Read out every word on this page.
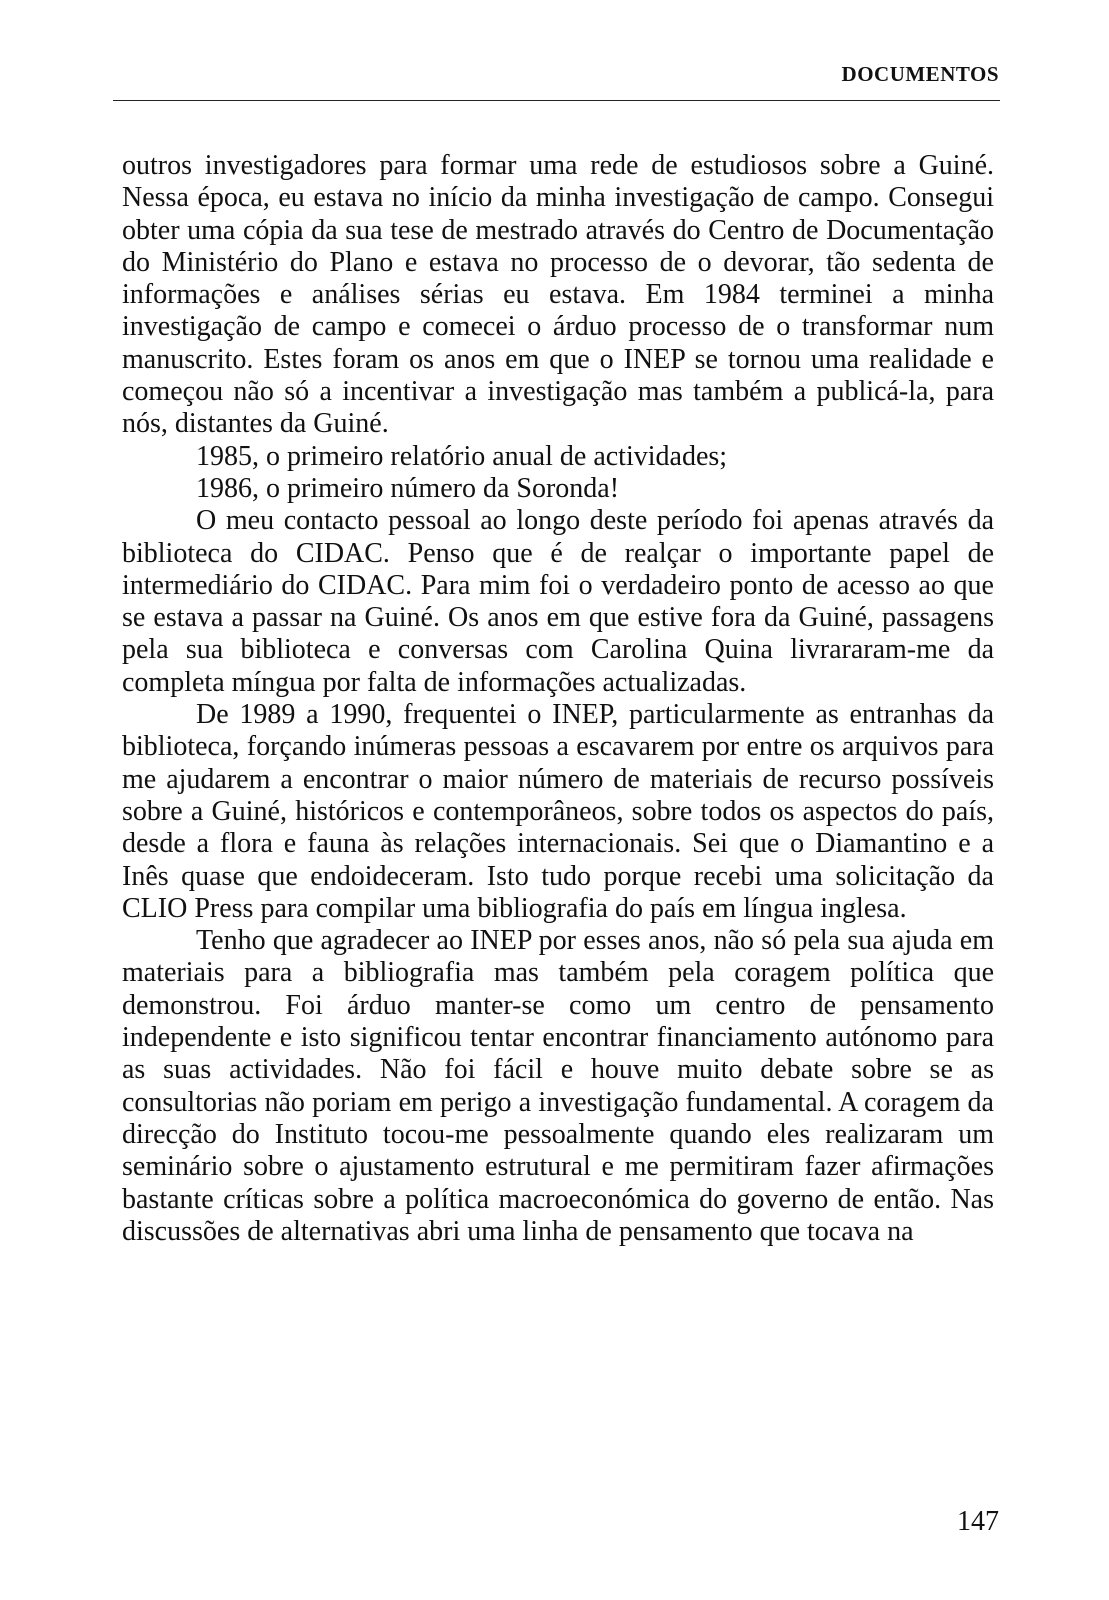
DOCUMENTOS

outros investigadores para formar uma rede de estudiosos sobre a Guiné. Nessa época, eu estava no início da minha investigação de campo. Consegui obter uma cópia da sua tese de mestrado através do Centro de Documentação do Ministério do Plano e estava no processo de o devorar, tão sedenta de informações e análises sérias eu estava. Em 1984 terminei a minha investigação de campo e comecei o árduo processo de o transformar num manuscrito. Estes foram os anos em que o INEP se tornou uma realidade e começou não só a incentivar a investigação mas também a publicá-la, para nós, distantes da Guiné.

1985, o primeiro relatório anual de actividades;

1986, o primeiro número da Soronda!

O meu contacto pessoal ao longo deste período foi apenas através da biblioteca do CIDAC. Penso que é de realçar o importante papel de intermediário do CIDAC. Para mim foi o verdadeiro ponto de acesso ao que se estava a passar na Guiné. Os anos em que estive fora da Guiné, passagens pela sua biblioteca e conversas com Carolina Quina livrararam-me da completa míngua por falta de informações actualizadas.

De 1989 a 1990, frequentei o INEP, particularmente as entranhas da biblioteca, forçando inúmeras pessoas a escavarem por entre os arquivos para me ajudarem a encontrar o maior número de materiais de recurso possíveis sobre a Guiné, históricos e contemporâneos, sobre todos os aspectos do país, desde a flora e fauna às relações internacionais. Sei que o Diamantino e a Inês quase que endoideceram. Isto tudo porque recebi uma solicitação da CLIO Press para compilar uma bibliografia do país em língua inglesa.

Tenho que agradecer ao INEP por esses anos, não só pela sua ajuda em materiais para a bibliografia mas também pela coragem política que demonstrou. Foi árduo manter-se como um centro de pensamento independente e isto significou tentar encontrar financiamento autónomo para as suas actividades. Não foi fácil e houve muito debate sobre se as consultorias não poriam em perigo a investigação fundamental. A coragem da direcção do Instituto tocou-me pessoalmente quando eles realizaram um seminário sobre o ajustamento estrutural e me permitiram fazer afirmações bastante críticas sobre a política macroeconómica do governo de então. Nas discussões de alternativas abri uma linha de pensamento que tocava na

147
